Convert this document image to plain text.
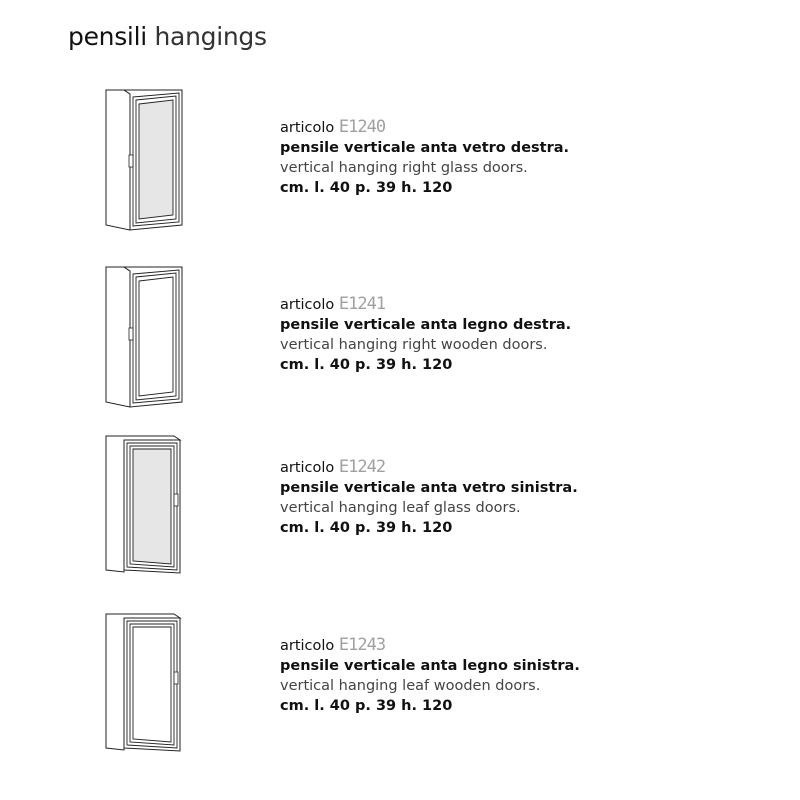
pensili hangings
articolo E1240
pensile verticale anta vetro destra.
vertical hanging right glass doors.
cm. l. 40 p. 39 h. 120
articolo E1241
pensile verticale anta legno destra.
vertical hanging right wooden doors.
cm. l. 40 p. 39 h. 120
articolo E1242
pensile verticale anta vetro sinistra.
vertical hanging leaf glass doors.
cm. l. 40 p. 39 h. 120
articolo E1243
pensile verticale anta legno sinistra.
vertical hanging leaf wooden doors.
cm. l. 40 p. 39 h. 120
